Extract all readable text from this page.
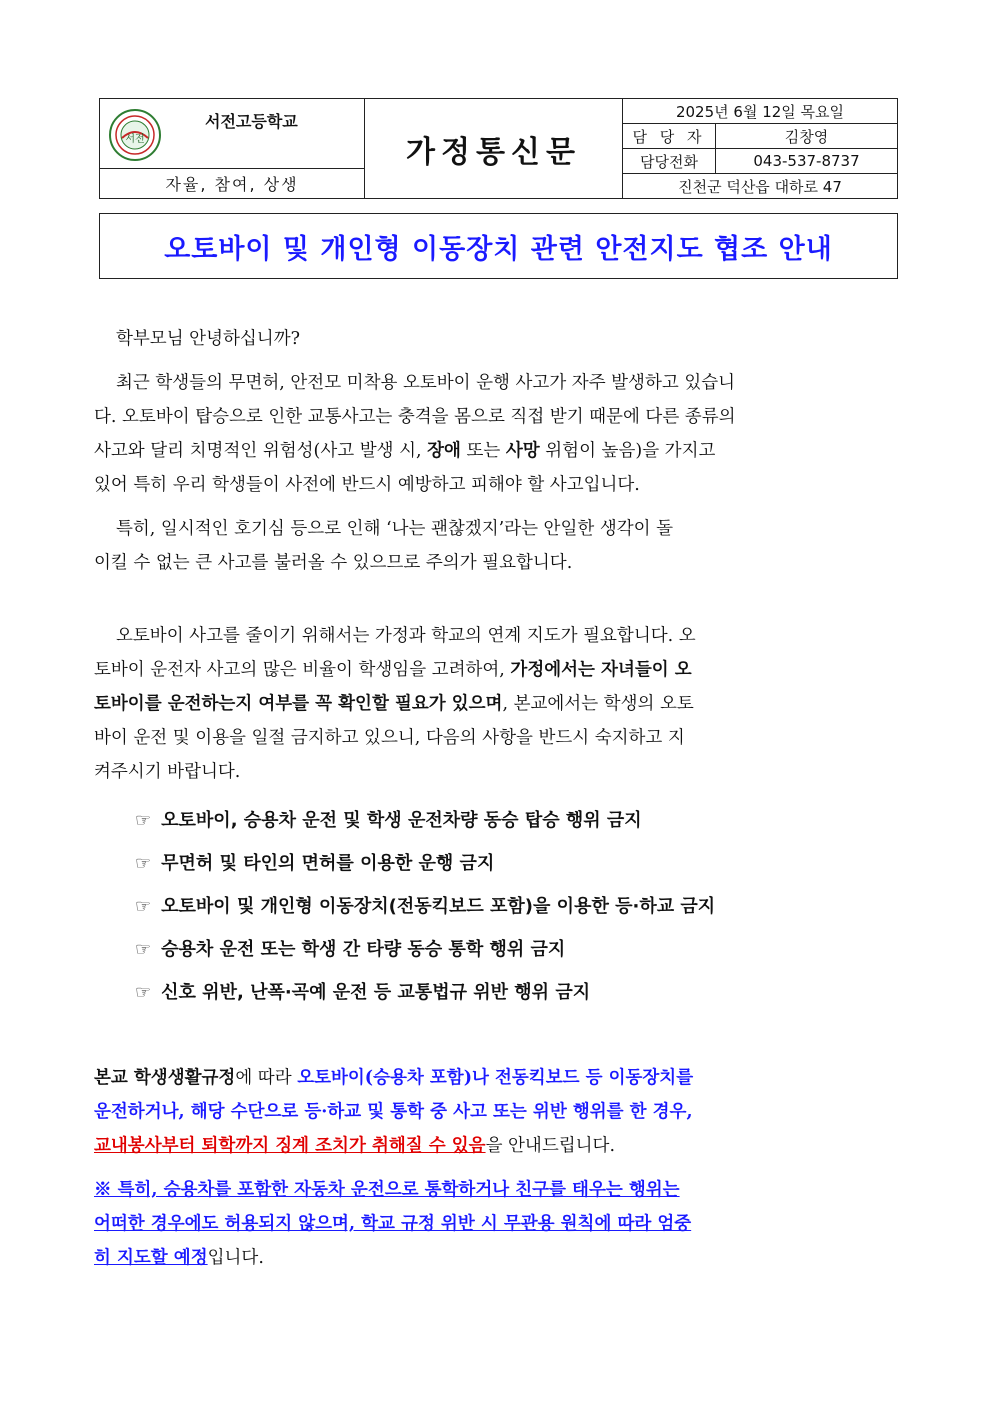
서전
서전고등학교
자율, 참여, 상생
가정통신문
2025년 6월 12일 목요일
담 당 자	김창영
담당전화	043-537-8737
진천군 덕산읍 대하로 47
오토바이 및 개인형 이동장치 관련 안전지도 협조 안내
학부모님 안녕하십니까?
최근 학생들의 무면허, 안전모 미착용 오토바이 운행 사고가 자주 발생하고 있습니
다. 오토바이 탑승으로 인한 교통사고는 충격을 몸으로 직접 받기 때문에 다른 종류의
사고와 달리 치명적인 위험성(사고 발생 시, 장애 또는 사망 위험이 높음)을 가지고
있어 특히 우리 학생들이 사전에 반드시 예방하고 피해야 할 사고입니다.
특히, 일시적인 호기심 등으로 인해 ‘나는 괜찮겠지’라는 안일한 생각이 돌
이킬 수 없는 큰 사고를 불러올 수 있으므로 주의가 필요합니다.
오토바이 사고를 줄이기 위해서는 가정과 학교의 연계 지도가 필요합니다. 오
토바이 운전자 사고의 많은 비율이 학생임을 고려하여, 가정에서는 자녀들이 오
토바이를 운전하는지 여부를 꼭 확인할 필요가 있으며, 본교에서는 학생의 오토
바이 운전 및 이용을 일절 금지하고 있으니, 다음의 사항을 반드시 숙지하고 지
켜주시기 바랍니다.
☞ 오토바이, 승용차 운전 및 학생 운전차량 동승 탑승 행위 금지
☞ 무면허 및 타인의 면허를 이용한 운행 금지
☞ 오토바이 및 개인형 이동장치(전동킥보드 포함)을 이용한 등·하교 금지
☞ 승용차 운전 또는 학생 간 타량 동승 통학 행위 금지
☞ 신호 위반, 난폭·곡예 운전 등 교통법규 위반 행위 금지
본교 학생생활규정에 따라 오토바이(승용차 포함)나 전동킥보드 등 이동장치를
운전하거나, 해당 수단으로 등·하교 및 통학 중 사고 또는 위반 행위를 한 경우,
교내봉사부터 퇴학까지 징계 조치가 취해질 수 있음을 안내드립니다.
※ 특히, 승용차를 포함한 자동차 운전으로 통학하거나 친구를 태우는 행위는
어떠한 경우에도 허용되지 않으며, 학교 규정 위반 시 무관용 원칙에 따라 엄중
히 지도할 예정입니다.
